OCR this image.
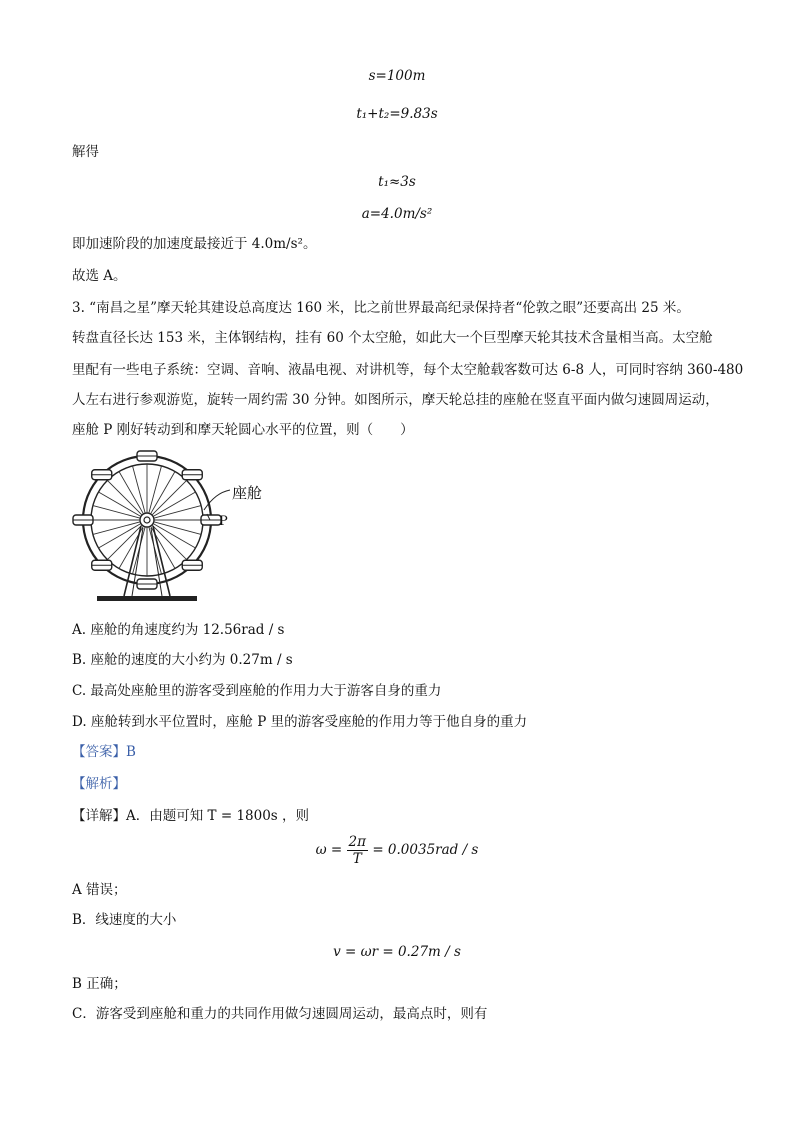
s=100m
t₁+t₂=9.83s
解得
t₁≈3s
a=4.0m/s²
即加速阶段的加速度最接近于 4.0m/s²。
故选 A。
3. “南昌之星”摩天轮其建设总高度达 160 米，比之前世界最高纪录保持者“伦敦之眼”还要高出 25 米。
转盘直径长达 153 米，主体钢结构，挂有 60 个太空舱，如此大一个巨型摩天轮其技术含量相当高。太空舱
里配有一些电子系统：空调、音响、液晶电视、对讲机等，每个太空舱载客数可达 6-8 人，可同时容纳 360-480
人左右进行参观游览，旋转一周约需 30 分钟。如图所示，摩天轮总挂的座舱在竖直平面内做匀速圆周运动，
座舱 P 刚好转动到和摩天轮圆心水平的位置，则（　　）
座舱
P
A. 座舱的角速度约为 12.56rad / s
B. 座舱的速度的大小约为 0.27m / s
C. 最高处座舱里的游客受到座舱的作用力大于游客自身的重力
D. 座舱转到水平位置时，座舱 P 里的游客受座舱的作用力等于他自身的重力
【答案】B
【解析】
【详解】A．由题可知 T = 1800s ，则
$\omega = \frac{2\pi}{T} = 0.0035rad / s$
A 错误；
B．线速度的大小
v = ωr = 0.27m / s
B 正确；
C．游客受到座舱和重力的共同作用做匀速圆周运动，最高点时，则有
